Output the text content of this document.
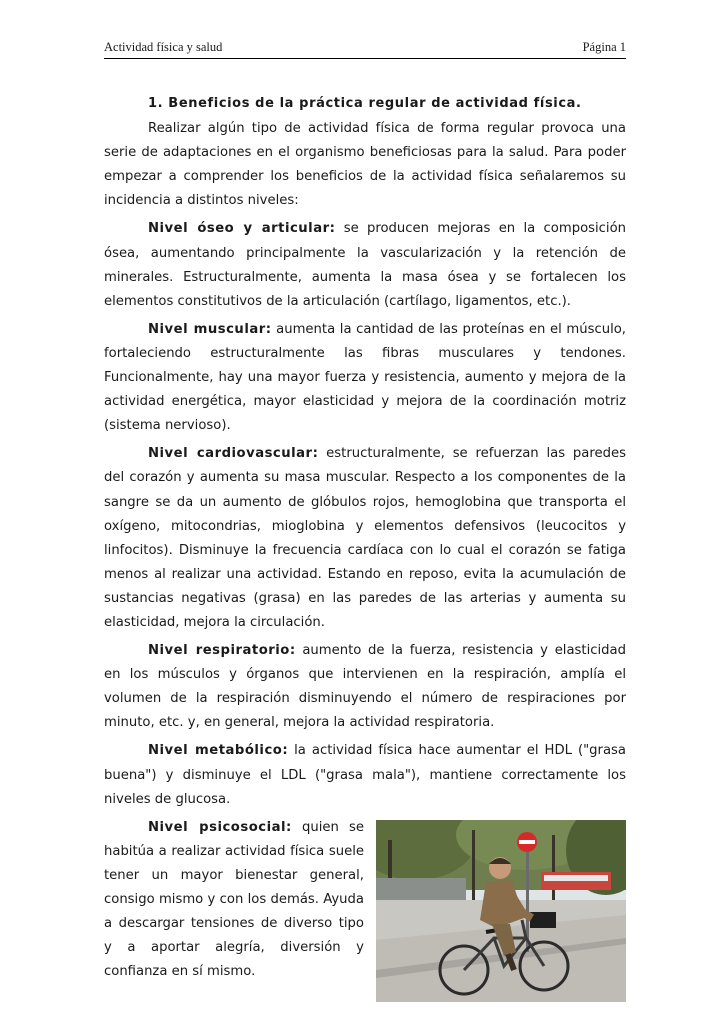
Actividad física y salud	Página 1
1. Beneficios de la práctica regular de actividad física.

Realizar algún tipo de actividad física de forma regular provoca una serie de adaptaciones en el organismo beneficiosas para la salud. Para poder empezar a comprender los beneficios de la actividad física señalaremos su incidencia a distintos niveles:

Nivel óseo y articular: se producen mejoras en la composición ósea, aumentando principalmente la vascularización y la retención de minerales. Estructuralmente, aumenta la masa ósea y se fortalecen los elementos constitutivos de la articulación (cartílago, ligamentos, etc.).

Nivel muscular: aumenta la cantidad de las proteínas en el músculo, fortaleciendo estructuralmente las fibras musculares y tendones. Funcionalmente, hay una mayor fuerza y resistencia, aumento y mejora de la actividad energética, mayor elasticidad y mejora de la coordinación motriz (sistema nervioso).

Nivel cardiovascular: estructuralmente, se refuerzan las paredes del corazón y aumenta su masa muscular. Respecto a los componentes de la sangre se da un aumento de glóbulos rojos, hemoglobina que transporta el oxígeno, mitocondrias, mioglobina y elementos defensivos (leucocitos y linfocitos). Disminuye la frecuencia cardíaca con lo cual el corazón se fatiga menos al realizar una actividad. Estando en reposo, evita la acumulación de sustancias negativas (grasa) en las paredes de las arterias y aumenta su elasticidad, mejora la circulación.

Nivel respiratorio: aumento de la fuerza, resistencia y elasticidad en los músculos y órganos que intervienen en la respiración, amplía el volumen de la respiración disminuyendo el número de respiraciones por minuto, etc. y, en general, mejora la actividad respiratoria.

Nivel metabólico: la actividad física hace aumentar el HDL ("grasa buena") y disminuye el LDL ("grasa mala"), mantiene correctamente los niveles de glucosa.

Nivel psicosocial: quien se habitúa a realizar actividad física suele tener un mayor bienestar general, consigo mismo y con los demás. Ayuda a descargar tensiones de diverso tipo y a aportar alegría, diversión y confianza en sí mismo.
